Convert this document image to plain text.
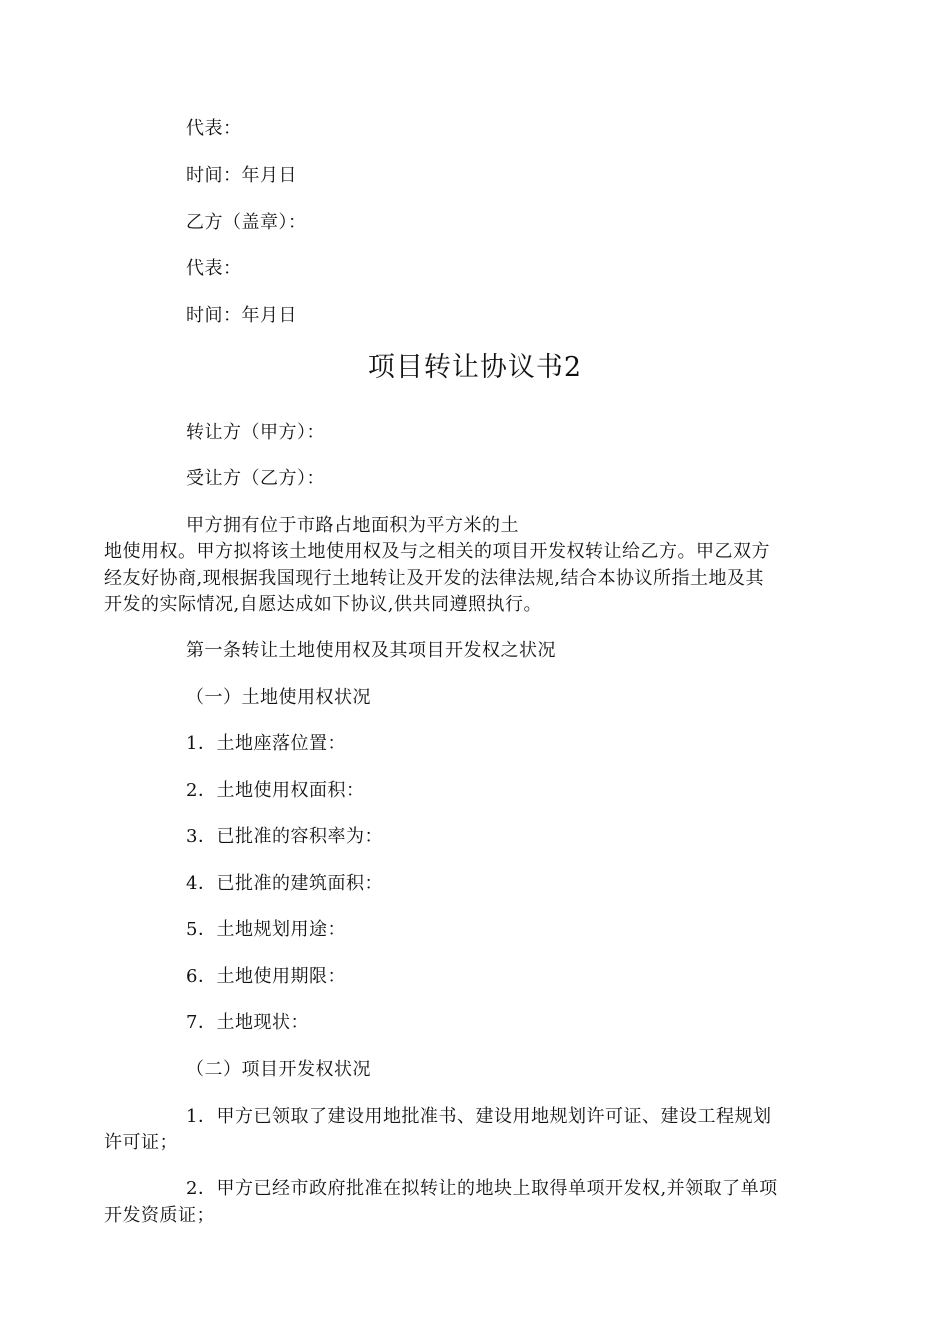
代表：
时间：年月日
乙方（盖章）：
代表：
时间：年月日
项目转让协议书2
转让方（甲方）：
受让方（乙方）：
甲方拥有位于市路占地面积为平方米的土
地使用权。甲方拟将该土地使用权及与之相关的项目开发权转让给乙方。甲乙双方
经友好协商,现根据我国现行土地转让及开发的法律法规,结合本协议所指土地及其
开发的实际情况,自愿达成如下协议,供共同遵照执行。
第一条转让土地使用权及其项目开发权之状况
（一）土地使用权状况
1．土地座落位置：
2．土地使用权面积：
3．已批准的容积率为：
4．已批准的建筑面积：
5．土地规划用途：
6．土地使用期限：
7．土地现状：
（二）项目开发权状况
1．甲方已领取了建设用地批准书、建设用地规划许可证、建设工程规划
许可证；
2．甲方已经市政府批准在拟转让的地块上取得单项开发权,并领取了单项
开发资质证；
